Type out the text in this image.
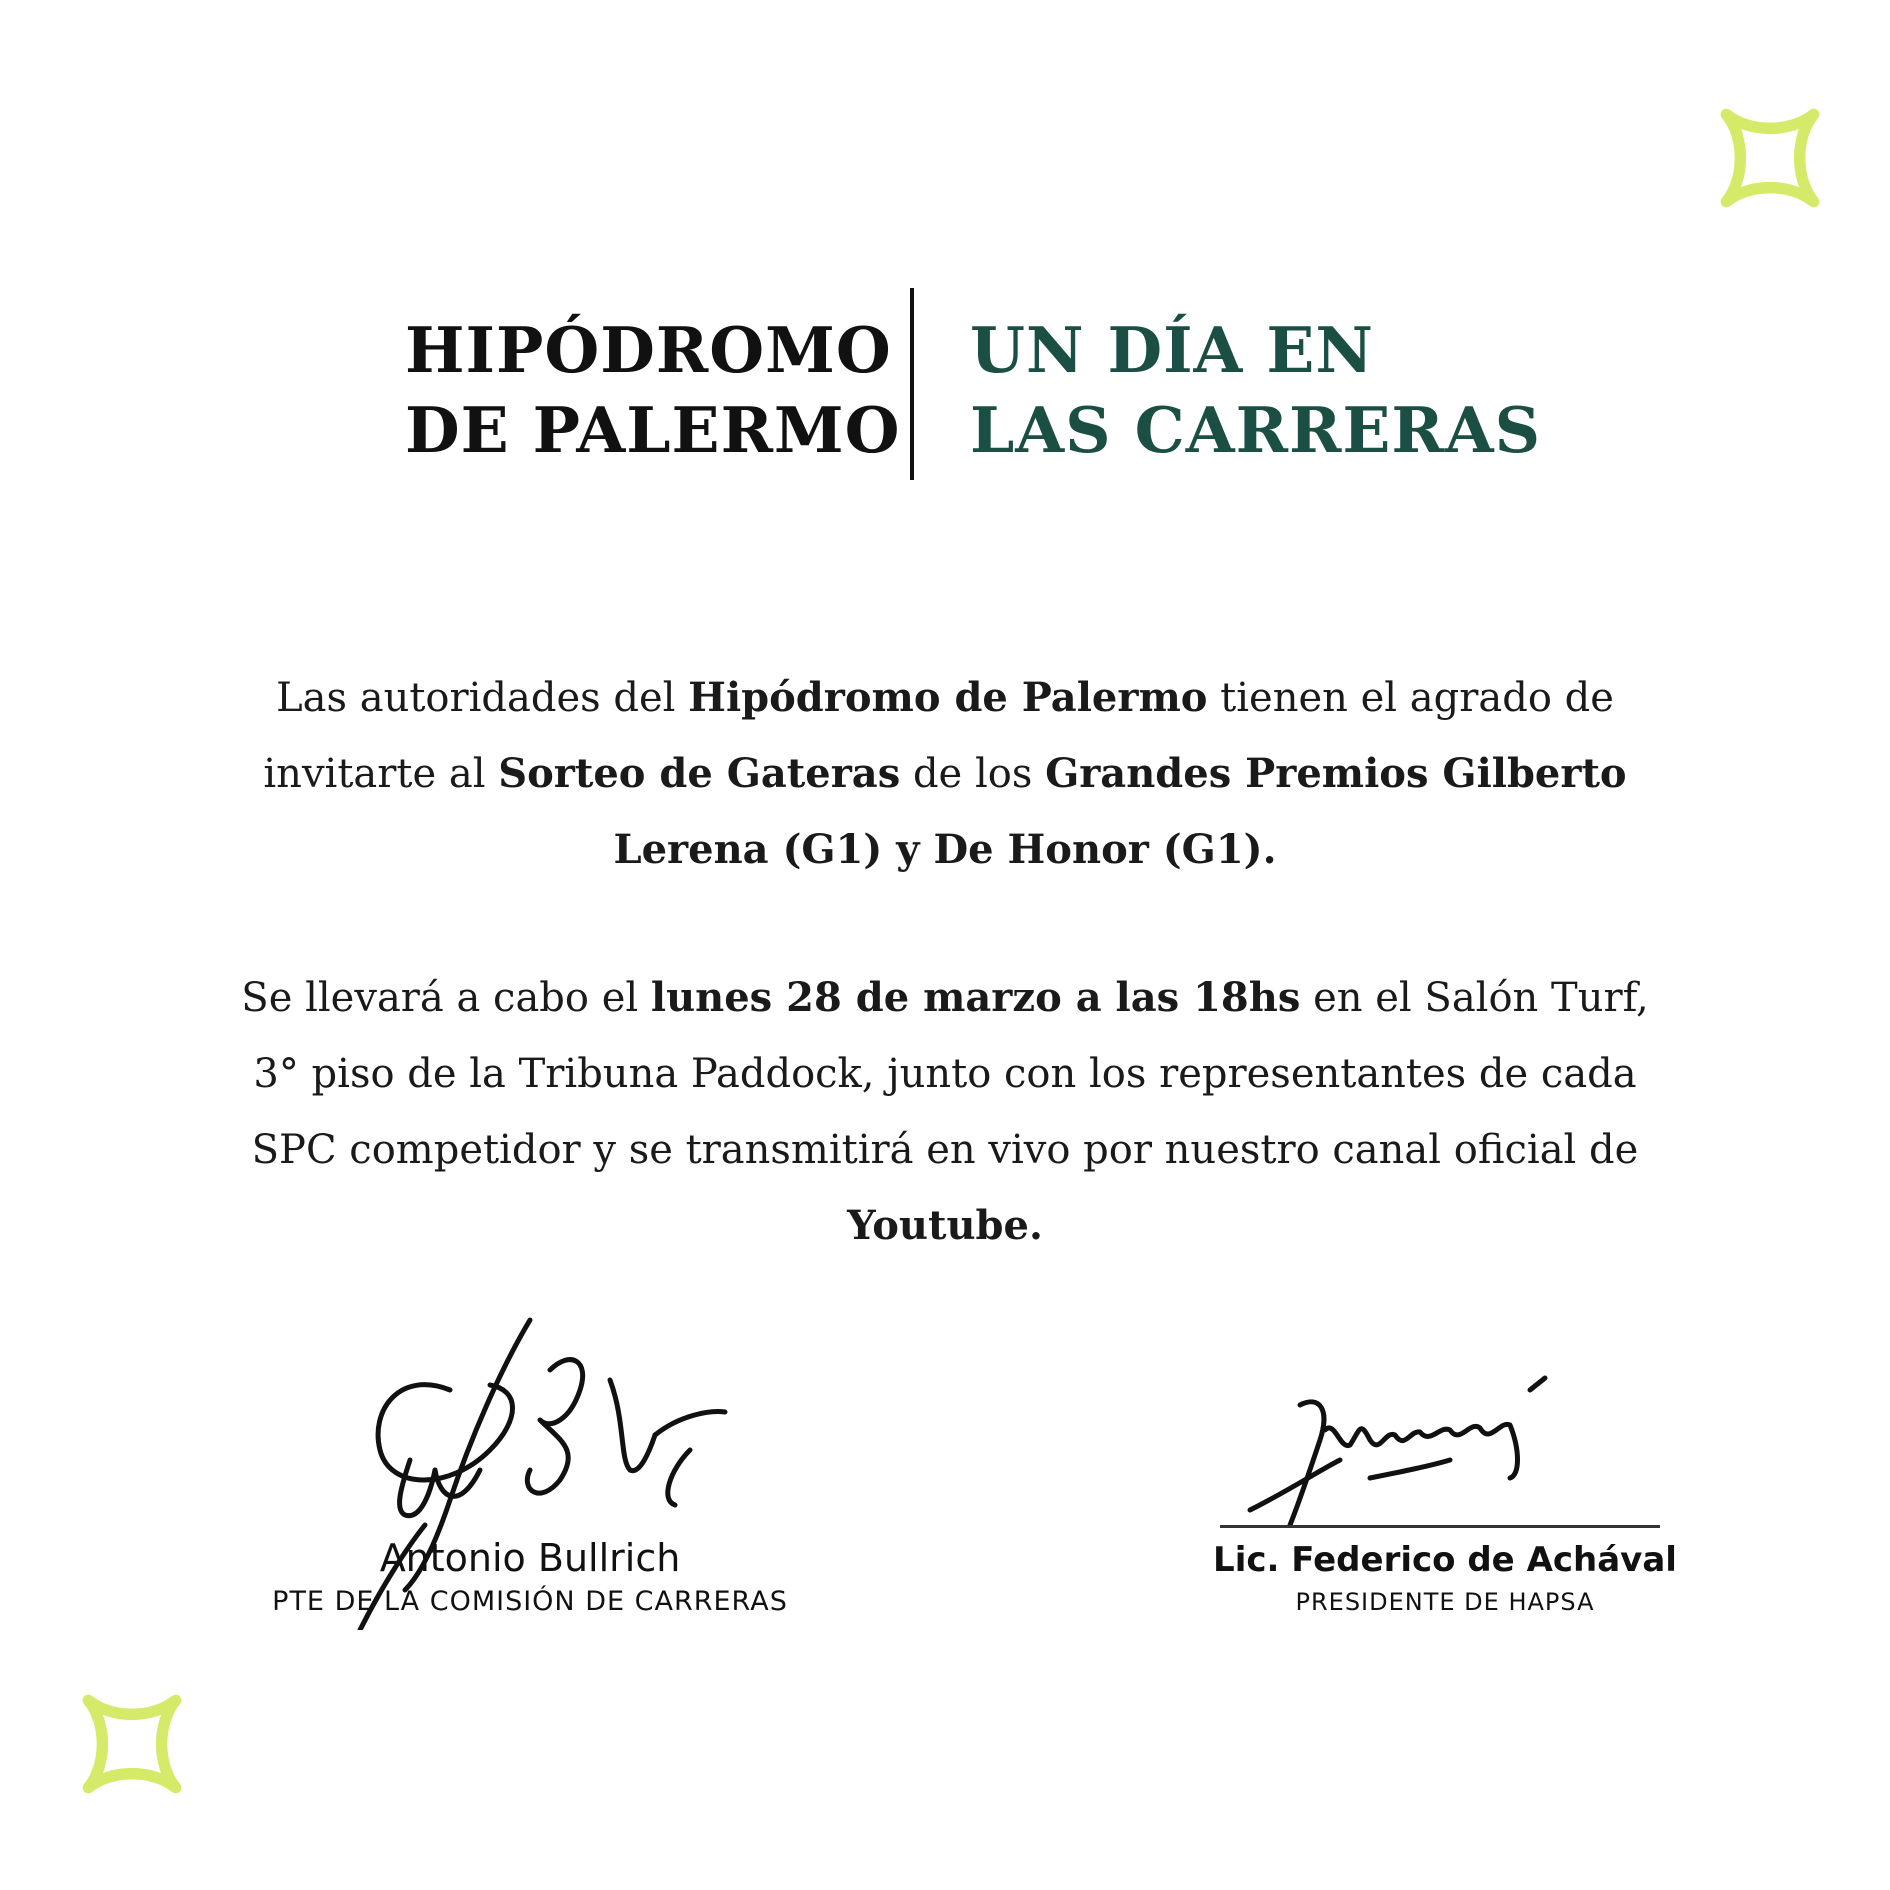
HIPÓDROMO
DE PALERMO
UN DÍA EN
LAS CARRERAS
Las autoridades del Hipódromo de Palermo tienen el agrado de invitarte al Sorteo de Gateras de los Grandes Premios Gilberto Lerena (G1) y De Honor (G1).
Se llevará a cabo el lunes 28 de marzo a las 18hs en el Salón Turf, 3° piso de la Tribuna Paddock, junto con los representantes de cada SPC competidor y se transmitirá en vivo por nuestro canal oficial de Youtube.
Antonio Bullrich
PTE DE LA COMISIÓN DE CARRERAS
Lic. Federico de Achával
PRESIDENTE DE HAPSA
